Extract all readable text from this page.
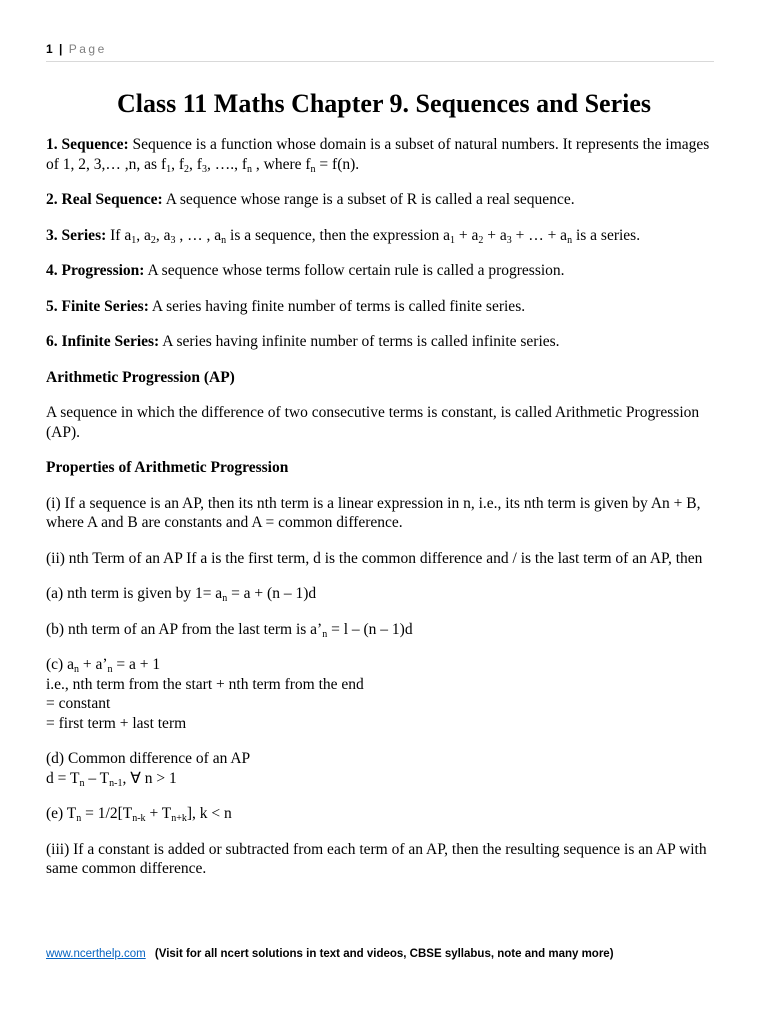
1 | Page
Class 11 Maths Chapter 9. Sequences and Series

1. Sequence: Sequence is a function whose domain is a subset of natural numbers. It represents the images of 1, 2, 3,… ,n, as $f_1$, $f_2$, $f_3$, …., $f_n$ , where $f_n = f(n)$.

2. Real Sequence: A sequence whose range is a subset of R is called a real sequence.

3. Series: If $a_1$, $a_2$, $a_3$ , … , $a_n$ is a sequence, then the expression $a_1 + a_2 + a_3$ + … + $a_n$ is a series.

4. Progression: A sequence whose terms follow certain rule is called a progression.

5. Finite Series: A series having finite number of terms is called finite series.

6. Infinite Series: A series having infinite number of terms is called infinite series.

Arithmetic Progression (AP)

A sequence in which the difference of two consecutive terms is constant, is called Arithmetic Progression (AP).

Properties of Arithmetic Progression

(i) If a sequence is an AP, then its nth term is a linear expression in n, i.e., its nth term is given by An + B, where A and B are constants and A = common difference.

(ii) nth Term of an AP If a is the first term, d is the common difference and / is the last term of an AP, then

(a) nth term is given by $1= a_n = a + (n - 1)d$

(b) nth term of an AP from the last term is $a’_n = l - (n - 1)d$

(c) $a_n$ + $a’_n = a + 1$
i.e., nth term from the start + nth term from the end
= constant
= first term + last term

(d) Common difference of an AP
$d = T_n - T_{n-1}$, ∀ n > 1

(e) $T_n = 1/2[T_{n-k} + T_{n+k}]$, k < n

(iii) If a constant is added or subtracted from each term of an AP, then the resulting sequence is an AP with same common difference.

www.ncerthelp.com (Visit for all ncert solutions in text and videos, CBSE syllabus, note and many more)
